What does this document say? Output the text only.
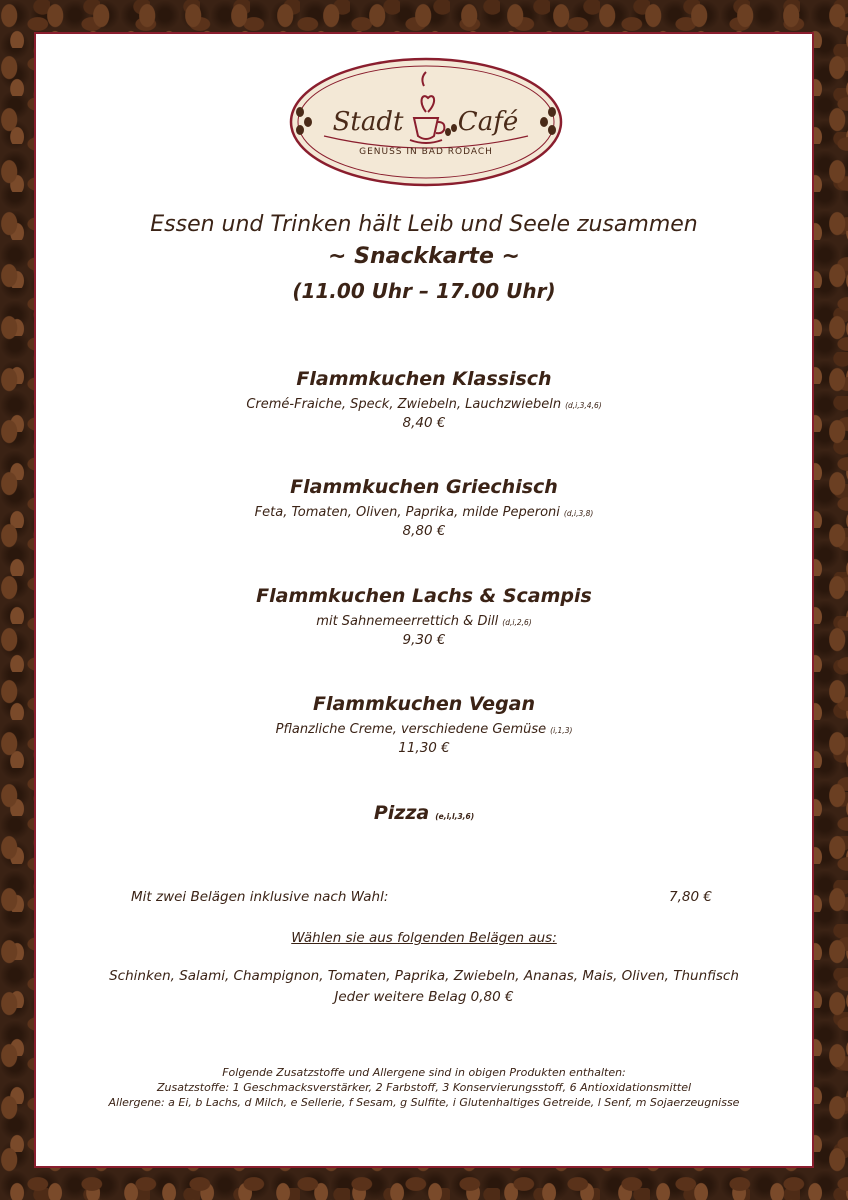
Stadt Café
GENUSS IN BAD RODACH
Essen und Trinken hält Leib und Seele zusammen
~ Snackkarte ~
(11.00 Uhr – 17.00 Uhr)
Flammkuchen Klassisch
Cremé-Fraiche, Speck, Zwiebeln, Lauchzwiebeln (d,i,3,4,6)
8,40 €
Flammkuchen Griechisch
Feta, Tomaten, Oliven, Paprika, milde Peperoni (d,i,3,8)
8,80 €
Flammkuchen Lachs & Scampis
mit Sahnemeerrettich & Dill (d,i,2,6)
9,30 €
Flammkuchen Vegan
Pflanzliche Creme, verschiedene Gemüse (i,1,3)
11,30 €
Pizza (e,i,l,3,6)
Mit zwei Belägen inklusive nach Wahl:	7,80 €
Wählen sie aus folgenden Belägen aus:
Schinken, Salami, Champignon, Tomaten, Paprika, Zwiebeln, Ananas, Mais, Oliven, Thunfisch
Jeder weitere Belag 0,80 €
Folgende Zusatzstoffe und Allergene sind in obigen Produkten enthalten:
Zusatzstoffe: 1 Geschmacksverstärker, 2 Farbstoff, 3 Konservierungsstoff, 6 Antioxidationsmittel
Allergene: a Ei, b Lachs, d Milch, e Sellerie, f Sesam, g Sulfite, i Glutenhaltiges Getreide, l Senf, m Sojaerzeugnisse
